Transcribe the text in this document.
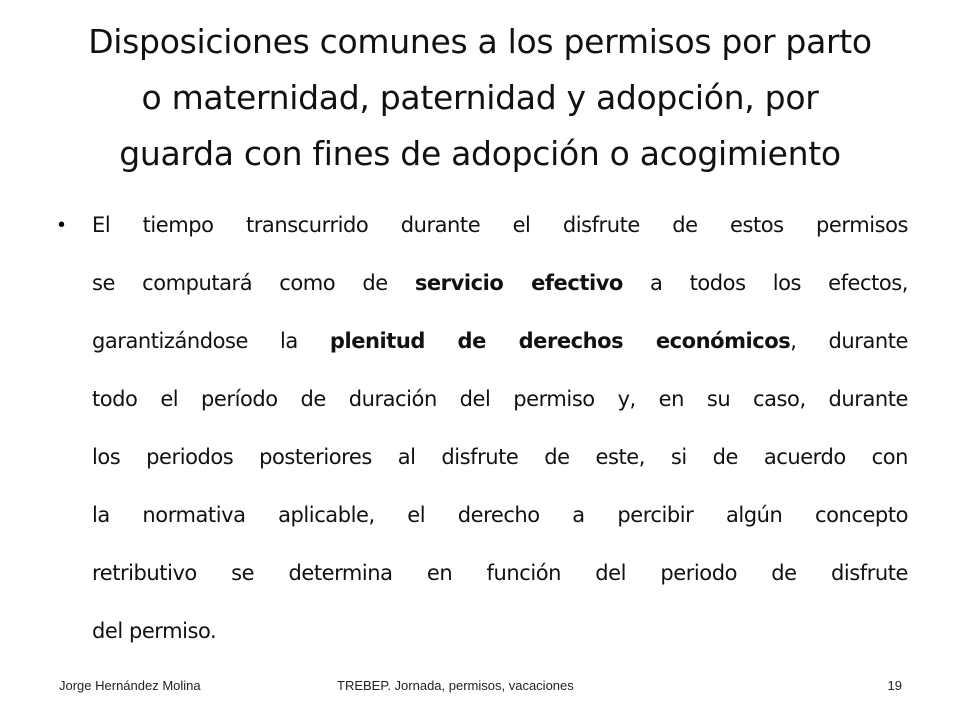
Disposiciones comunes a los permisos por parto
o maternidad, paternidad y adopción, por
guarda con fines de adopción o acogimiento
• El tiempo transcurrido durante el disfrute de estos permisos
se computará como de servicio efectivo a todos los efectos,
garantizándose la plenitud de derechos económicos, durante
todo el período de duración del permiso y, en su caso, durante
los periodos posteriores al disfrute de este, si de acuerdo con
la normativa aplicable, el derecho a percibir algún concepto
retributivo se determina en función del periodo de disfrute
del permiso.
Jorge Hernández Molina	TREBEP. Jornada, permisos, vacaciones	19
